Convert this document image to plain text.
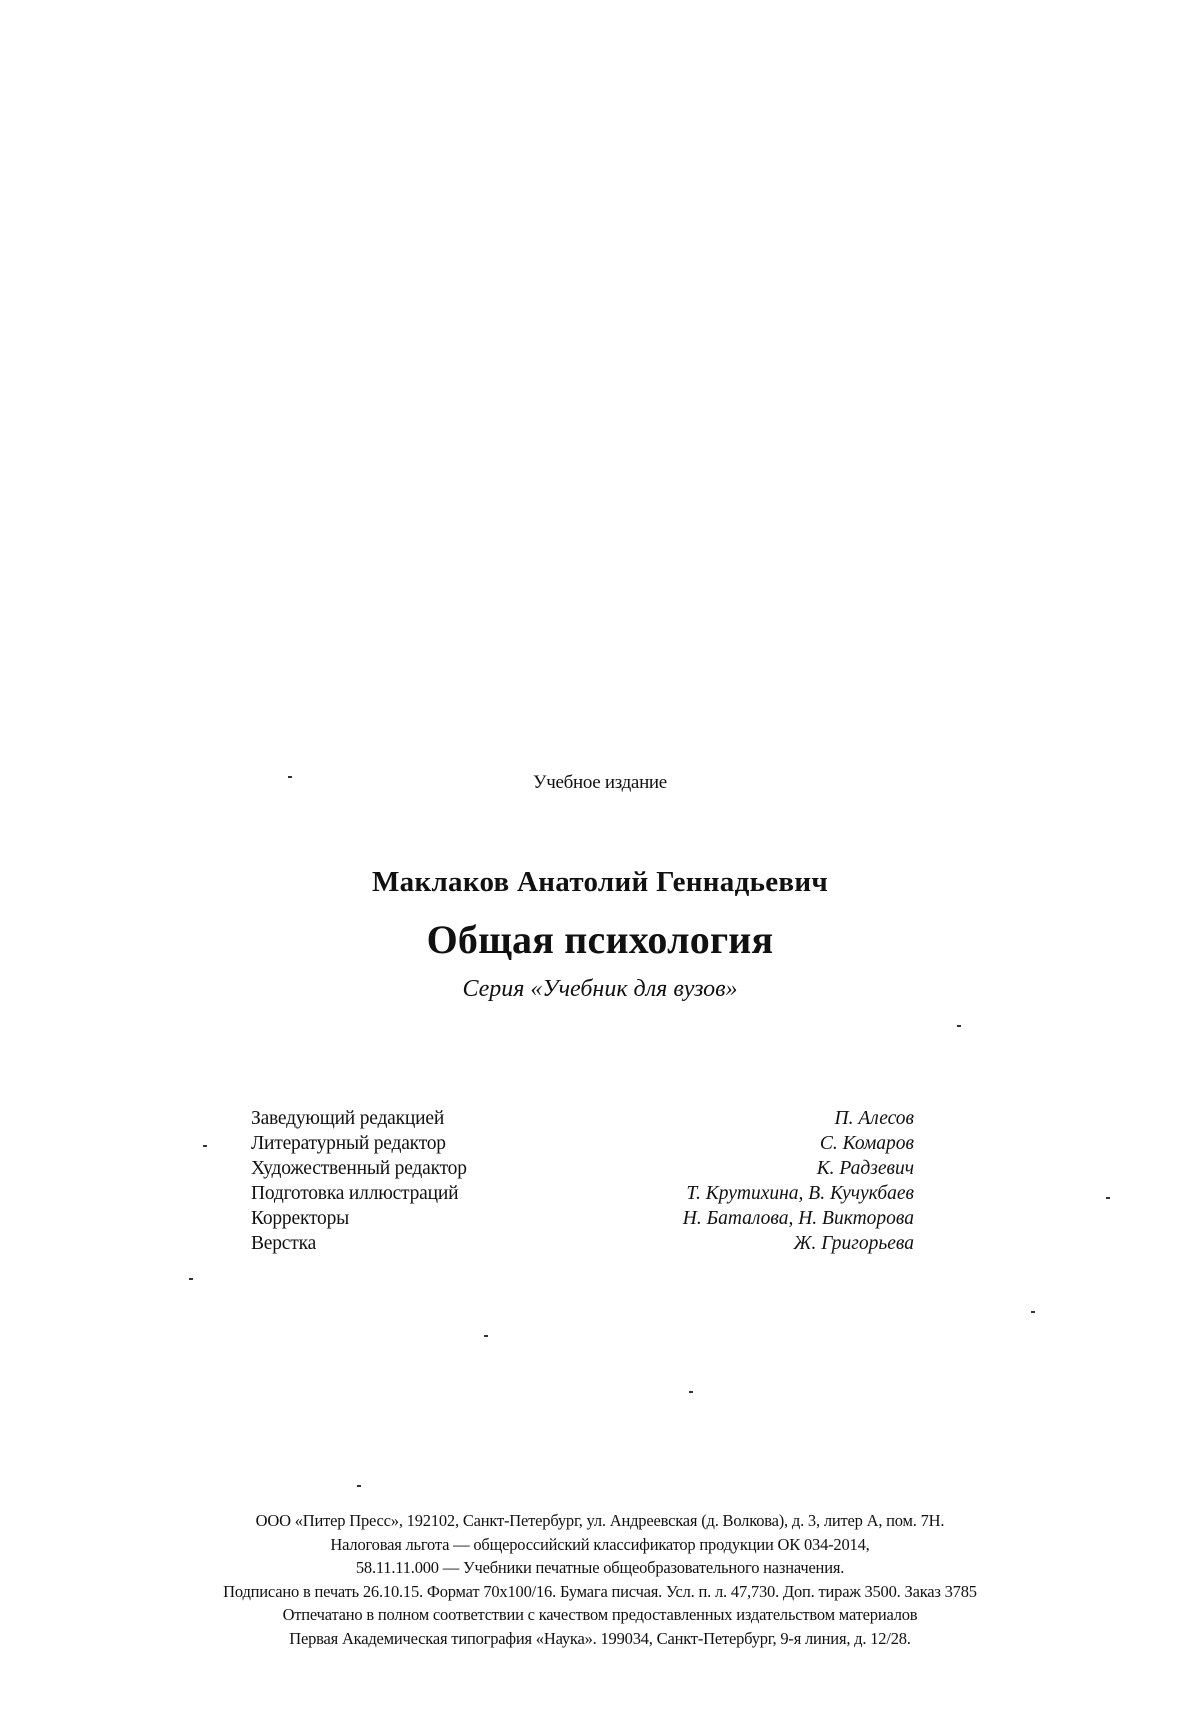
Учебное издание
Маклаков Анатолий Геннадьевич
Общая психология
Серия «Учебник для вузов»
Заведующий редакцией	П. Алесов
Литературный редактор	С. Комаров
Художественный редактор	К. Радзевич
Подготовка иллюстраций	Т. Крутихина, В. Кучукбаев
Корректоры	Н. Баталова, Н. Викторова
Верстка	Ж. Григорьева
ООО «Питер Пресс», 192102, Санкт-Петербург, ул. Андреевская (д. Волкова), д. 3, литер А, пом. 7Н.
Налоговая льгота — общероссийский классификатор продукции ОК 034-2014,
58.11.11.000 — Учебники печатные общеобразовательного назначения.
Подписано в печать 26.10.15. Формат 70х100/16. Бумага писчая. Усл. п. л. 47,730. Доп. тираж 3500. Заказ 3785
Отпечатано в полном соответствии с качеством предоставленных издательством материалов
Первая Академическая типография «Наука». 199034, Санкт-Петербург, 9-я линия, д. 12/28.
